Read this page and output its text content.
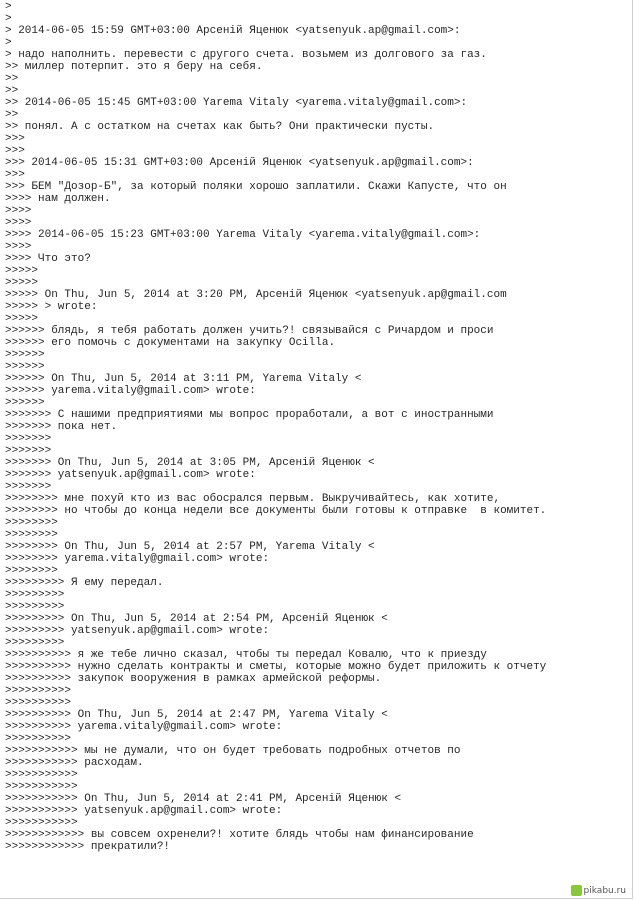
>
>
> 2014-06-05 15:59 GMT+03:00 Арсеній Яценюк <yatsenyuk.ap@gmail.com>:
>
> надо наполнить. перевести с другого счета. возьмем из долгового за газ.
>> миллер потерпит. это я беру на себя.
>>
>>
>> 2014-06-05 15:45 GMT+03:00 Yarema Vitaly <yarema.vitaly@gmail.com>:
>>
>> понял. А с остатком на счетах как быть? Они практически пусты.
>>>
>>>
>>> 2014-06-05 15:31 GMT+03:00 Арсеній Яценюк <yatsenyuk.ap@gmail.com>:
>>>
>>> БЕМ "Дозор-Б", за который поляки хорошо заплатили. Скажи Капусте, что он
>>>> нам должен.
>>>>
>>>>
>>>> 2014-06-05 15:23 GMT+03:00 Yarema Vitaly <yarema.vitaly@gmail.com>:
>>>>
>>>> Что это?
>>>>>
>>>>>
>>>>> On Thu, Jun 5, 2014 at 3:20 PM, Арсеній Яценюк <yatsenyuk.ap@gmail.com
>>>>> > wrote:
>>>>>
>>>>>> блядь, я тебя работать должен учить?! связывайся с Ричардом и проси
>>>>>> его помочь с документами на закупку Ocilla.
>>>>>>
>>>>>>
>>>>>> On Thu, Jun 5, 2014 at 3:11 PM, Yarema Vitaly <
>>>>>> yarema.vitaly@gmail.com> wrote:
>>>>>>
>>>>>>> С нашими предприятиями мы вопрос проработали, а вот с иностранными
>>>>>>> пока нет.
>>>>>>>
>>>>>>>
>>>>>>> On Thu, Jun 5, 2014 at 3:05 PM, Арсеній Яценюк <
>>>>>>> yatsenyuk.ap@gmail.com> wrote:
>>>>>>>
>>>>>>>> мне похуй кто из вас обосрался первым. Выкручивайтесь, как хотите,
>>>>>>>> но чтобы до конца недели все документы были готовы к отправке  в комитет.
>>>>>>>>
>>>>>>>>
>>>>>>>> On Thu, Jun 5, 2014 at 2:57 PM, Yarema Vitaly <
>>>>>>>> yarema.vitaly@gmail.com> wrote:
>>>>>>>>
>>>>>>>>> Я ему передал.
>>>>>>>>>
>>>>>>>>>
>>>>>>>>> On Thu, Jun 5, 2014 at 2:54 PM, Арсеній Яценюк <
>>>>>>>>> yatsenyuk.ap@gmail.com> wrote:
>>>>>>>>>
>>>>>>>>>> я же тебе лично сказал, чтобы ты передал Ковалю, что к приезду
>>>>>>>>>> нужно сделать контракты и сметы, которые можно будет приложить к отчету
>>>>>>>>>> закупок вооружения в рамках армейской реформы.
>>>>>>>>>>
>>>>>>>>>>
>>>>>>>>>> On Thu, Jun 5, 2014 at 2:47 PM, Yarema Vitaly <
>>>>>>>>>> yarema.vitaly@gmail.com> wrote:
>>>>>>>>>>
>>>>>>>>>>> мы не думали, что он будет требовать подробных отчетов по
>>>>>>>>>>> расходам.
>>>>>>>>>>>
>>>>>>>>>>>
>>>>>>>>>>> On Thu, Jun 5, 2014 at 2:41 PM, Арсеній Яценюк <
>>>>>>>>>>> yatsenyuk.ap@gmail.com> wrote:
>>>>>>>>>>>
>>>>>>>>>>>> вы совсем охренели?! хотите блядь чтобы нам финансирование
>>>>>>>>>>>> прекратили?!
pikabu.ru
